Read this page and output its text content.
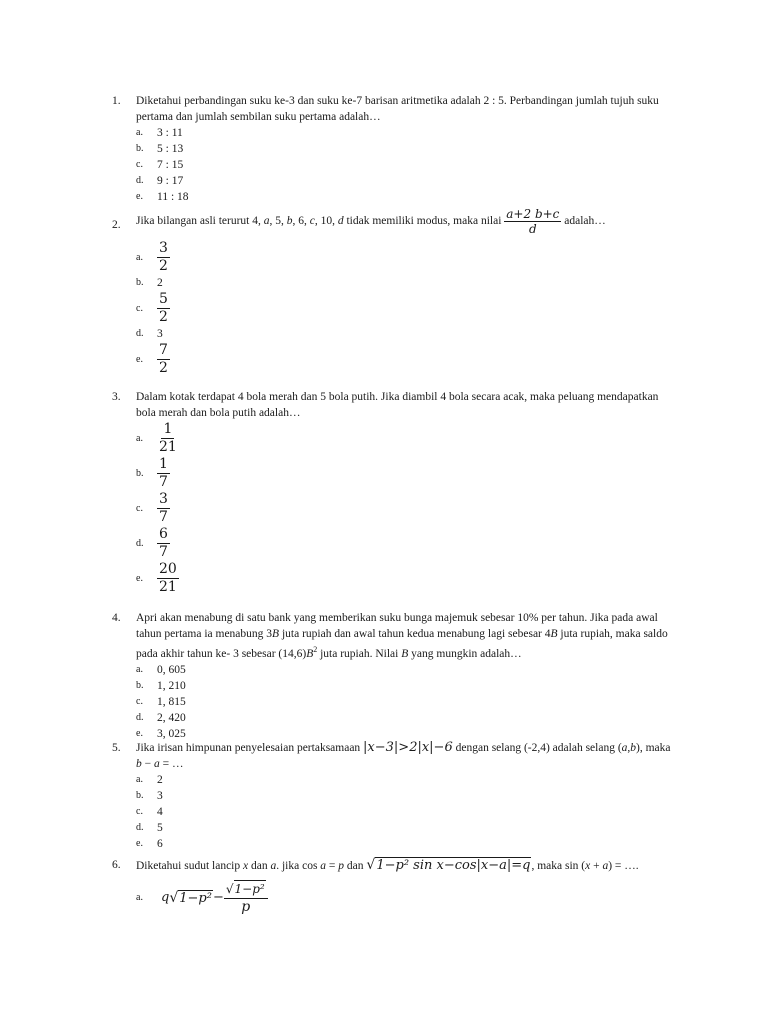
1.	Diketahui perbandingan suku ke-3 dan suku ke-7 barisan aritmetika adalah 2 : 5. Perbandingan jumlah tujuh suku pertama dan jumlah sembilan suku pertama adalah…
a.	3 : 11
b.	5 : 13
c.	7 : 15
d.	9 : 17
e.	11 : 18
2.	Jika bilangan asli terurut 4, a, 5, b, 6, c, 10, d tidak memiliki modus, maka nilai $\frac{a+2 b+c}{d}$ adalah…
a.	$\frac{3}{2}$
b.	2
c.	$\frac{5}{2}$
d.	3
e.	$\frac{7}{2}$
3.	Dalam kotak terdapat 4 bola merah dan 5 bola putih. Jika diambil 4 bola secara acak, maka peluang mendapatkan bola merah dan bola putih adalah…
a.	$\frac{1}{21}$
b. $\frac{1}{7}$
c.	$\frac{3}{7}$
d. $\frac{6}{7}$
e.	$\frac{20}{21}$
4.	Apri akan menabung di satu bank yang memberikan suku bunga majemuk sebesar 10% per tahun. Jika pada awal tahun pertama ia menabung 3B juta rupiah dan awal tahun kedua menabung lagi sebesar 4B juta rupiah, maka saldo pada akhir tahun ke- 3 sebesar $(14,6)B^2$ juta rupiah. Nilai B yang mungkin adalah…
a.	0, 605
b.	1, 210
c.	1, 815
d.	2, 420
e.	3, 025
5.	Jika irisan himpunan penyelesaian pertaksamaan |x−3|>2|x|−6 dengan selang (-2,4) adalah selang (a,b), maka b − a = …
a.	2
b.	3
c.	4
d.	5
e.	6
6.	Diketahui sudut lancip x dan a. jika cos a = p dan √1−p² sin x−cos|x−a|=q, maka sin (x + a) = ….
a.	q √ $1-p^2 - \frac{\text{√1−p²}}{p}$
